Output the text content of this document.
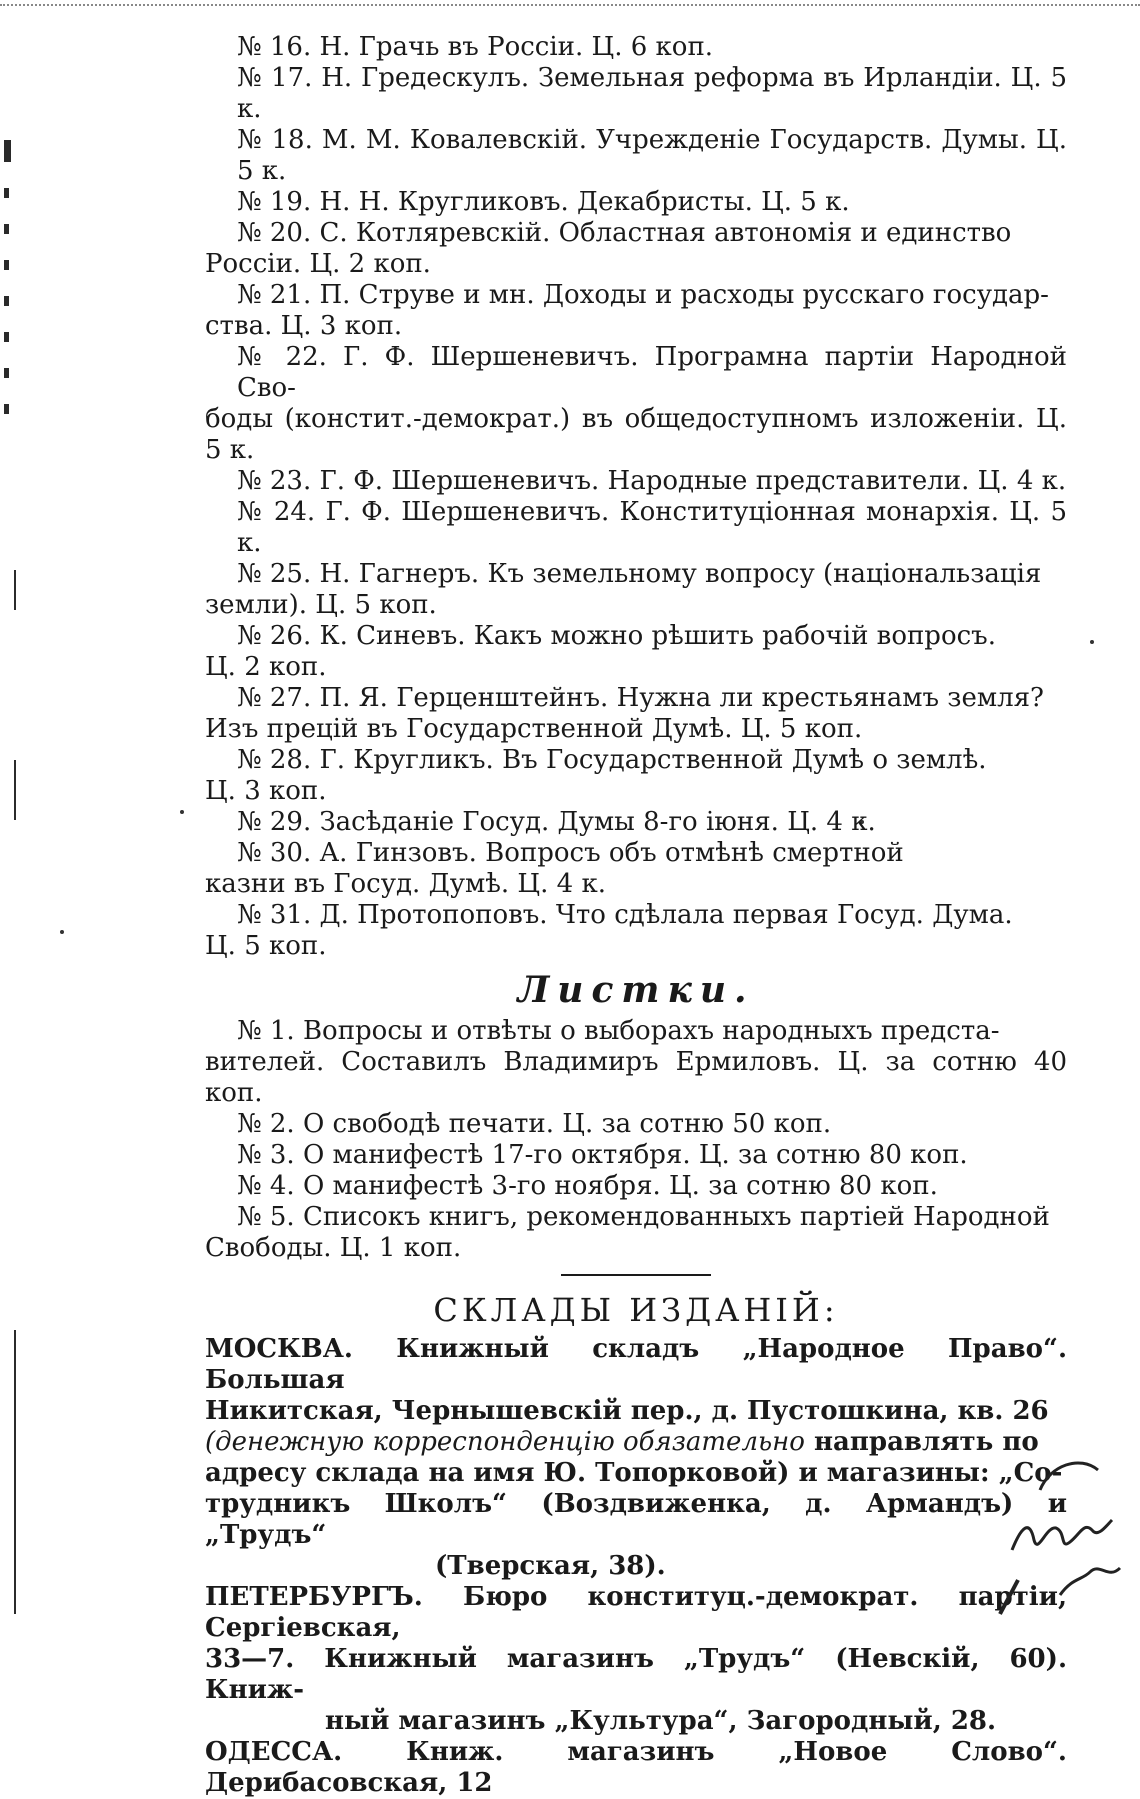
№ 16. Н. Грачь въ Россіи. Ц. 6 коп.

№ 17. Н. Гредескулъ. Земельная реформа въ Ирландіи. Ц. 5 к.

№ 18. М. М. Ковалевскій. Учрежденіе Государств. Думы. Ц. 5 к.

№ 19. Н. Н. Кругликовъ. Декабристы. Ц. 5 к.

№ 20. С. Котляревскій. Областная автономія и единство
Россіи. Ц. 2 коп.

№ 21. П. Струве и мн. Доходы и расходы русскаго государ-
ства. Ц. 3 коп.

№ 22. Г. Ф. Шершеневичъ. Програмна партіи Народной Сво-
боды (констит.-демократ.) въ общедоступномъ изложеніи. Ц. 5 к.

№ 23. Г. Ф. Шершеневичъ. Народные представители. Ц. 4 к.

№ 24. Г. Ф. Шершеневичъ. Конституціонная монархія. Ц. 5 к.

№ 25. Н. Гагнеръ. Къ земельному вопросу (національзація
земли). Ц. 5 коп.

№ 26. К. Синевъ. Какъ можно рѣшить рабочій вопросъ.
Ц. 2 коп.

№ 27. П. Я. Герценштейнъ. Нужна ли крестьянамъ земля?
Изъ прецій въ Государственной Думѣ. Ц. 5 коп.

№ 28. Г. Кругликъ. Въ Государственной Думѣ о землѣ.
Ц. 3 коп.

№ 29. Засѣданіе Госуд. Думы 8-го іюня. Ц. 4 к.

№ 30. А. Гинзовъ. Вопросъ объ отмѣнѣ смертной
казни въ Госуд. Думѣ. Ц. 4 к.

№ 31. Д. Протопоповъ. Что сдѣлала первая Госуд. Дума.
Ц. 5 коп.

Листки.

№ 1. Вопросы и отвѣты о выборахъ народныхъ предста-
вителей. Составилъ Владимиръ Ермиловъ. Ц. за сотню 40 коп.

№ 2. О свободѣ печати. Ц. за сотню 50 коп.

№ 3. О манифестѣ 17-го октября. Ц. за сотню 80 коп.

№ 4. О манифестѣ 3-го ноября. Ц. за сотню 80 коп.

№ 5. Списокъ книгъ, рекомендованныхъ партіей Народной
Свободы. Ц. 1 коп.

СКЛАДЫ ИЗДАНІЙ:

МОСКВА. Книжный складъ „Народное Право“. Большая
Никитская, Чернышевскій пер., д. Пустошкина, кв. 26
(денежную корреспонденцію обязательно направлять по
адресу склада на имя Ю. Топорковой) и магазины: „Со-
трудникъ Школъ“ (Воздвиженка, д. Армандъ) и „Трудъ“
(Тверская, 38).

ПЕТЕРБУРГЪ. Бюро конституц.-демократ. партіи, Сергіевская,
33—7. Книжный магазинъ „Трудъ“ (Невскій, 60). Книж-
ный магазинъ „Культура“, Загородный, 28.

ОДЕССА. Книж. магазинъ „Новое Слово“. Дерибасовская, 12
